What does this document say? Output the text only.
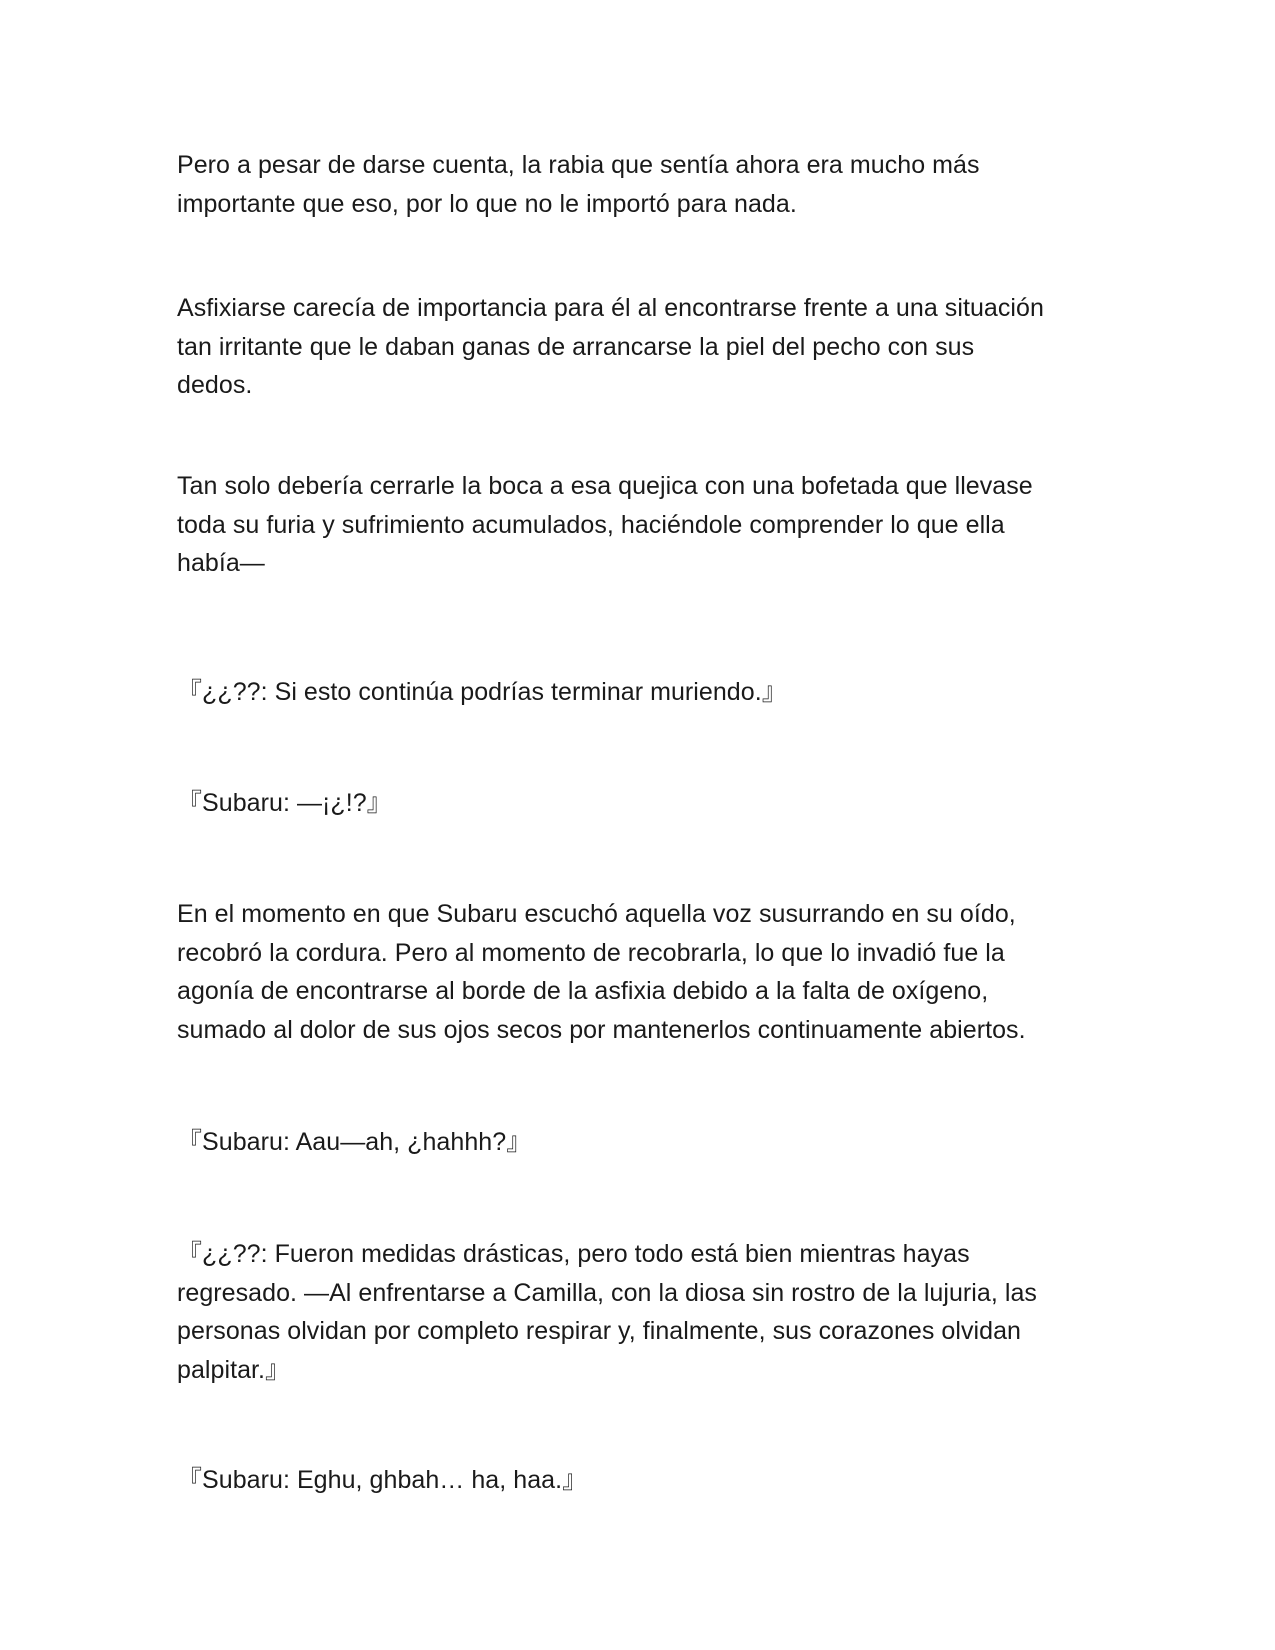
Pero a pesar de darse cuenta, la rabia que sentía ahora era mucho más
importante que eso, por lo que no le importó para nada.

Asfixiarse carecía de importancia para él al encontrarse frente a una situación
tan irritante que le daban ganas de arrancarse la piel del pecho con sus
dedos.

Tan solo debería cerrarle la boca a esa quejica con una bofetada que llevase
toda su furia y sufrimiento acumulados, haciéndole comprender lo que ella
había—

『¿¿??: Si esto continúa podrías terminar muriendo.』

『Subaru: —¡¿!?』

En el momento en que Subaru escuchó aquella voz susurrando en su oído,
recobró la cordura. Pero al momento de recobrarla, lo que lo invadió fue la
agonía de encontrarse al borde de la asfixia debido a la falta de oxígeno,
sumado al dolor de sus ojos secos por mantenerlos continuamente abiertos.

『Subaru: Aau—ah, ¿hahhh?』

『¿¿??: Fueron medidas drásticas, pero todo está bien mientras hayas
regresado. —Al enfrentarse a Camilla, con la diosa sin rostro de la lujuria, las
personas olvidan por completo respirar y, finalmente, sus corazones olvidan
palpitar.』

『Subaru: Eghu, ghbah… ha, haa.』
